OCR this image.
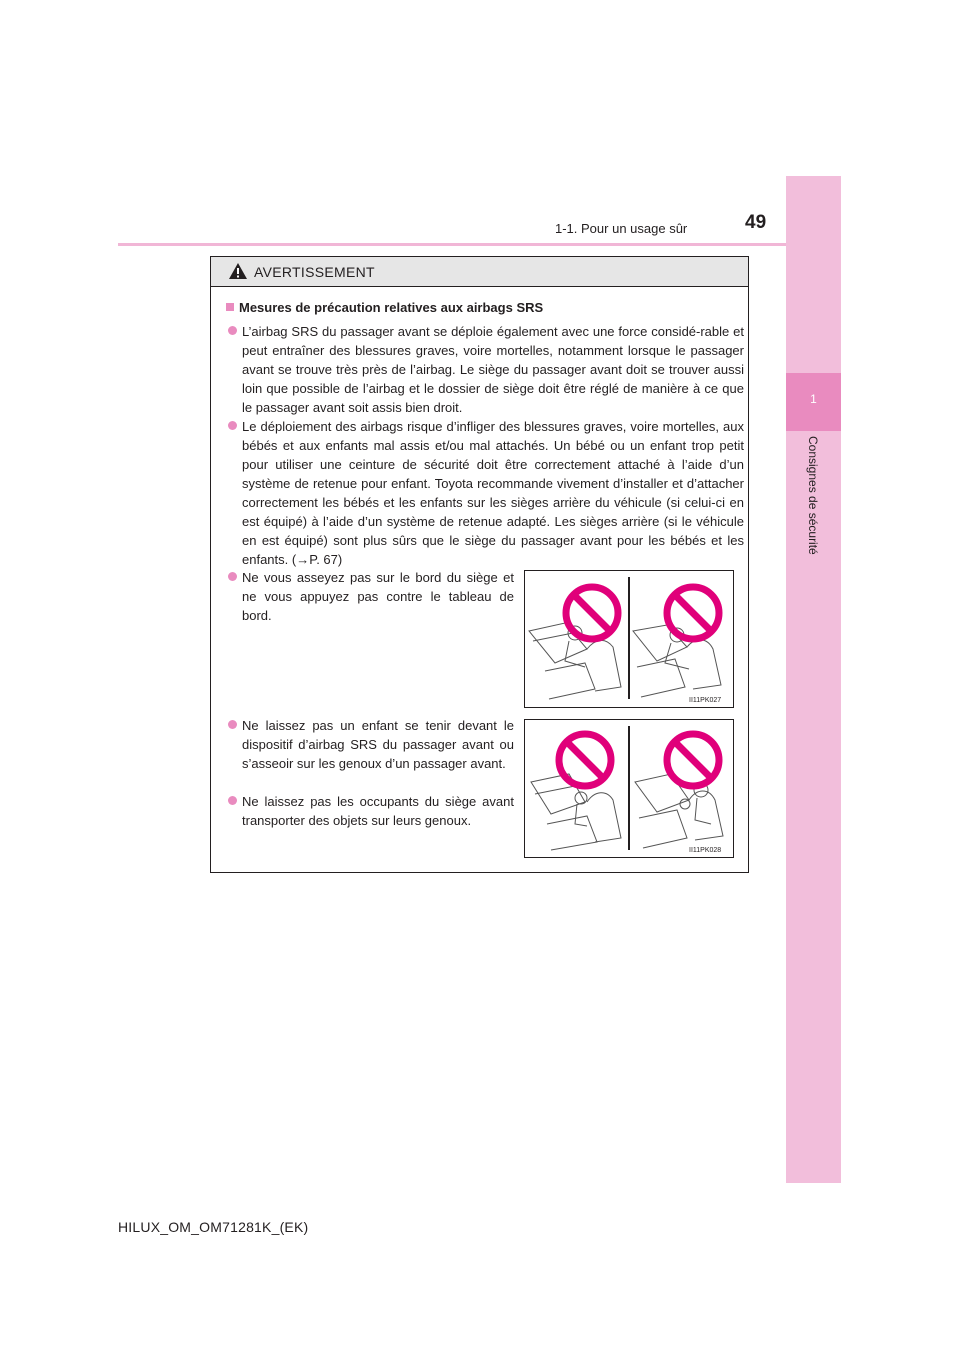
1-1. Pour un usage sûr	49
1
Consignes de sécurité
AVERTISSEMENT
Mesures de précaution relatives aux airbags SRS
L’airbag SRS du passager avant se déploie également avec une force considé-rable et peut entraîner des blessures graves, voire mortelles, notamment lorsque le passager avant se trouve très près de l’airbag. Le siège du passager avant doit se trouver aussi loin que possible de l’airbag et le dossier de siège doit être réglé de manière à ce que le passager avant soit assis bien droit.
Le déploiement des airbags risque d’infliger des blessures graves, voire mortelles, aux bébés et aux enfants mal assis et/ou mal attachés. Un bébé ou un enfant trop petit pour utiliser une ceinture de sécurité doit être correctement attaché à l’aide d’un système de retenue pour enfant. Toyota recommande vivement d’installer et d’attacher correctement les bébés et les enfants sur les sièges arrière du véhicule (si celui-ci en est équipé) à l’aide d’un système de retenue adapté. Les sièges arrière (si le véhicule en est équipé) sont plus sûrs que le siège du passager avant pour les bébés et les enfants. (→P. 67)
Ne vous asseyez pas sur le bord du siège et ne vous appuyez pas contre le tableau de bord.
Ne laissez pas un enfant se tenir devant le dispositif d’airbag SRS du passager avant ou s’asseoir sur les genoux d’un passager avant.
Ne laissez pas les occupants du siège avant transporter des objets sur leurs genoux.
II11PK027
II11PK028
HILUX_OM_OM71281K_(EK)
